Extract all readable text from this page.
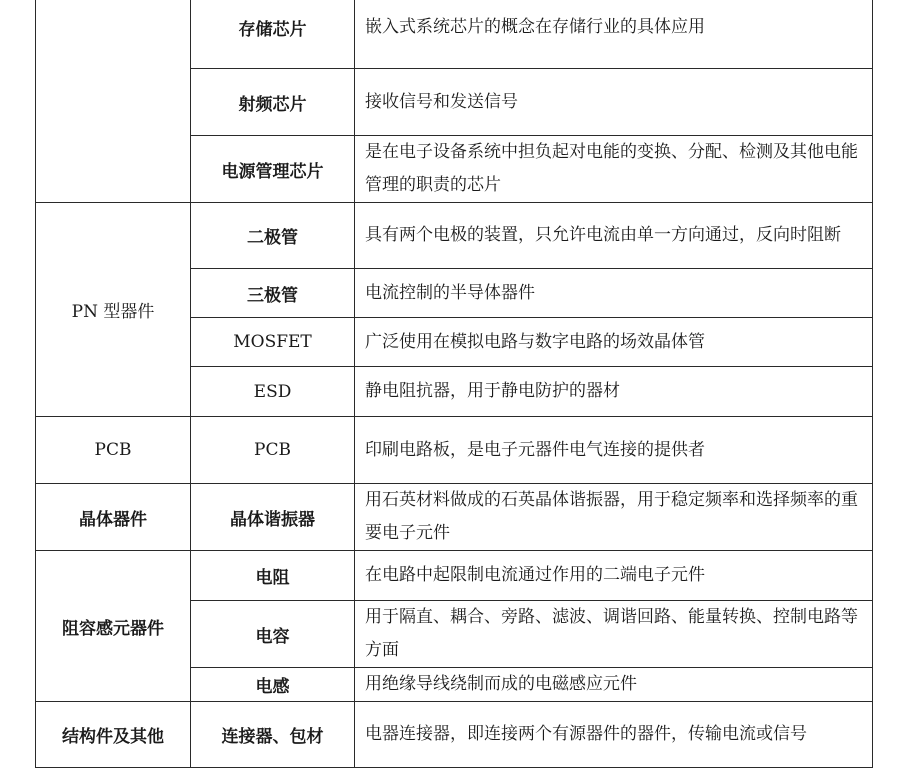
	存储芯片	嵌入式系统芯片的概念在存储行业的具体应用
	射频芯片	接收信号和发送信号
	电源管理芯片	是在电子设备系统中担负起对电能的变换、分配、检测及其他电能管理的职责的芯片
PN 型器件	二极管	具有两个电极的装置，只允许电流由单一方向通过，反向时阻断
	三极管	电流控制的半导体器件
	MOSFET	广泛使用在模拟电路与数字电路的场效晶体管
	ESD	静电阻抗器，用于静电防护的器材
PCB	PCB	印刷电路板，是电子元器件电气连接的提供者
晶体器件	晶体谐振器	用石英材料做成的石英晶体谐振器，用于稳定频率和选择频率的重要电子元件
阻容感元器件	电阻	在电路中起限制电流通过作用的二端电子元件
	电容	用于隔直、耦合、旁路、滤波、调谐回路、能量转换、控制电路等方面
	电感	用绝缘导线绕制而成的电磁感应元件
结构件及其他	连接器、包材	电器连接器，即连接两个有源器件的器件，传输电流或信号
